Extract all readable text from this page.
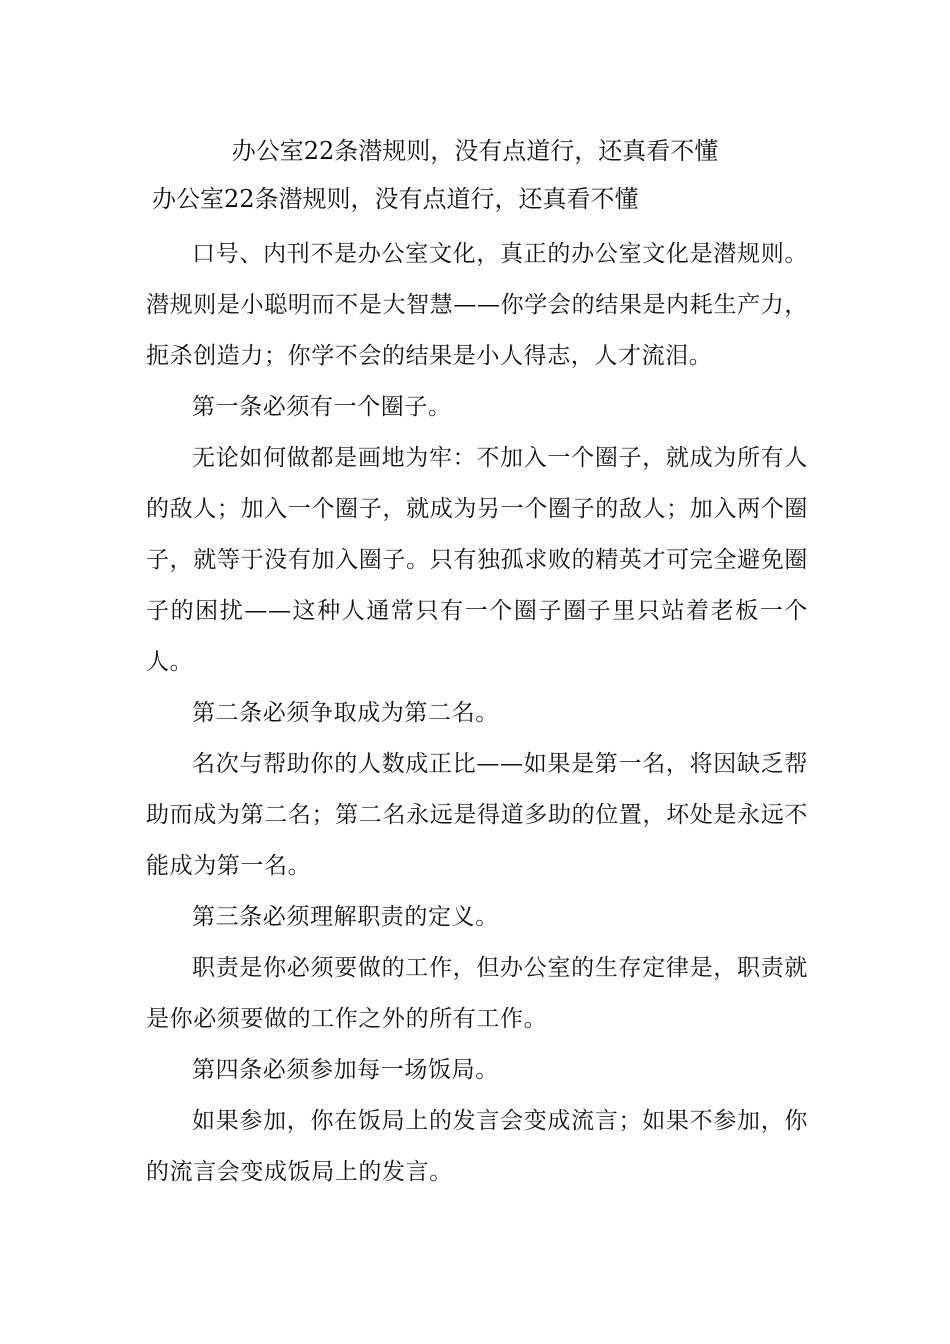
办公室22条潜规则，没有点道行，还真看不懂
办公室22条潜规则，没有点道行，还真看不懂

口号、内刊不是办公室文化，真正的办公室文化是潜规则。潜规则是小聪明而不是大智慧——你学会的结果是内耗生产力，扼杀创造力；你学不会的结果是小人得志，人才流泪。

第一条必须有一个圈子。

无论如何做都是画地为牢：不加入一个圈子，就成为所有人的敌人；加入一个圈子，就成为另一个圈子的敌人；加入两个圈子，就等于没有加入圈子。只有独孤求败的精英才可完全避免圈子的困扰——这种人通常只有一个圈子圈子里只站着老板一个人。

第二条必须争取成为第二名。

名次与帮助你的人数成正比——如果是第一名，将因缺乏帮助而成为第二名；第二名永远是得道多助的位置，坏处是永远不能成为第一名。

第三条必须理解职责的定义。

职责是你必须要做的工作，但办公室的生存定律是，职责就是你必须要做的工作之外的所有工作。

第四条必须参加每一场饭局。

如果参加，你在饭局上的发言会变成流言；如果不参加，你的流言会变成饭局上的发言。
